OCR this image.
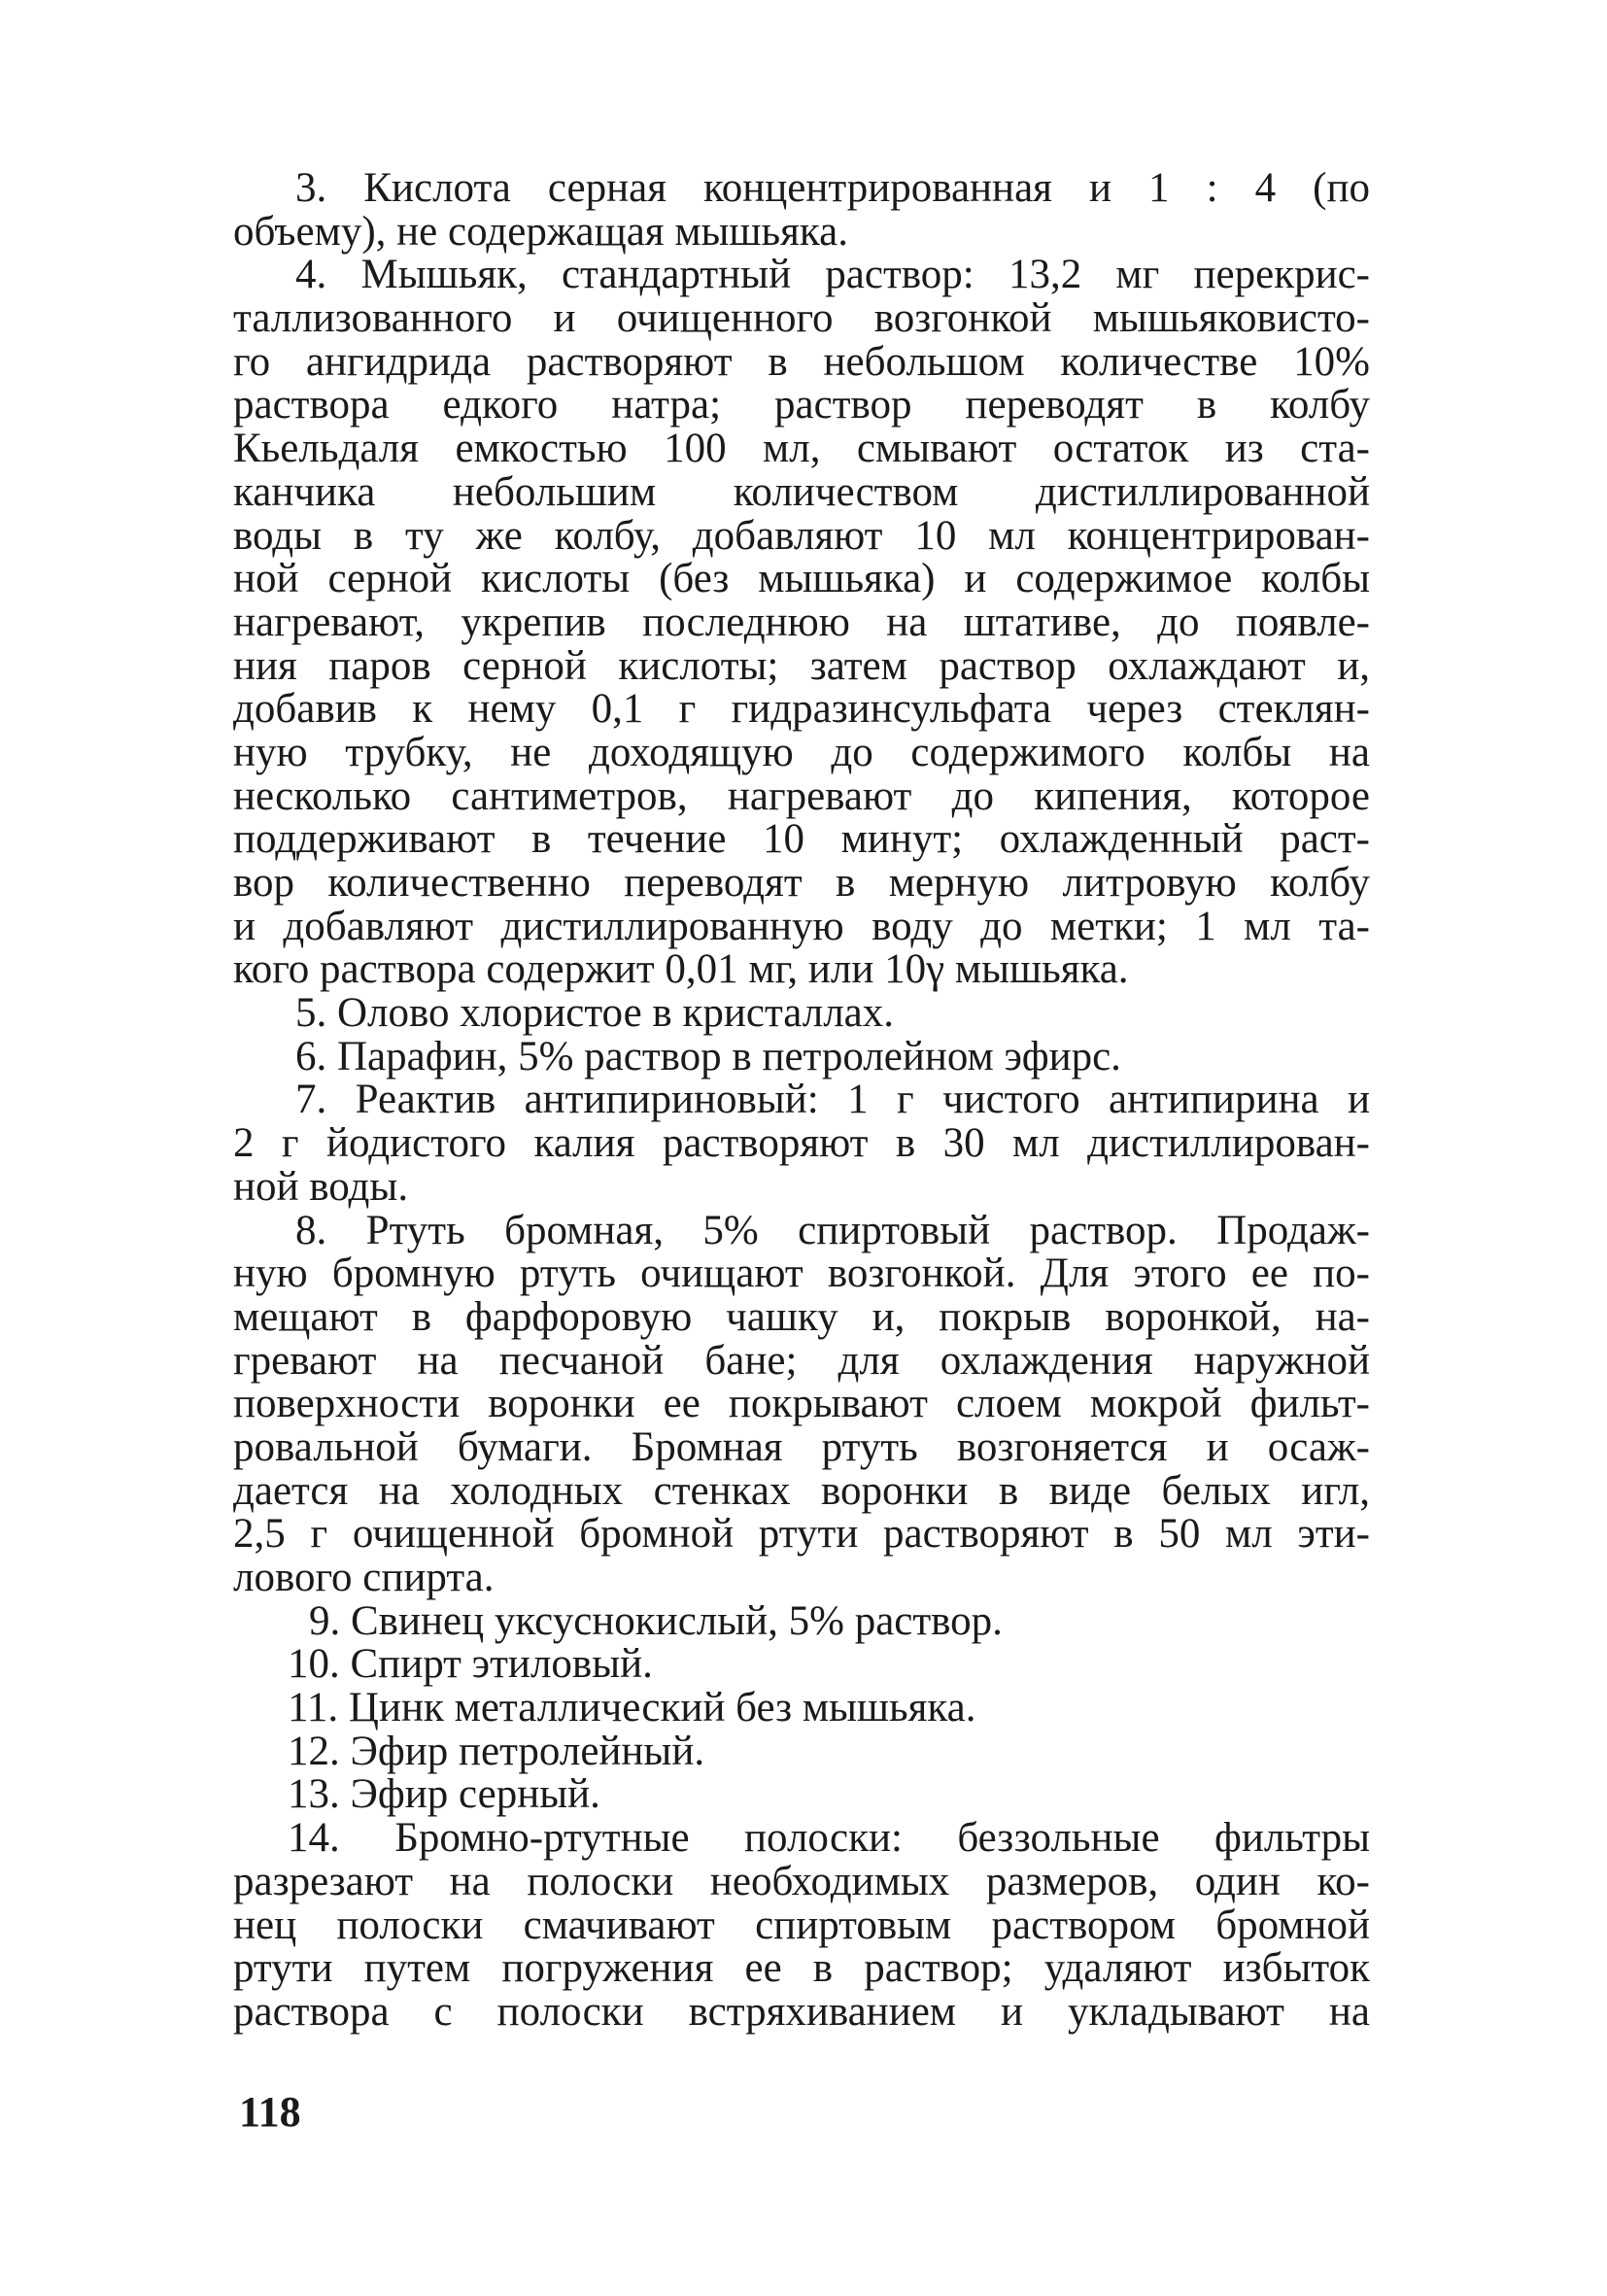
3. Кислота серная концентрированная и 1 : 4 (по
объему), не содержащая мышьяка.
4. Мышьяк, стандартный раствор: 13,2 мг перекрис-
таллизованного и очищенного возгонкой мышьяковисто-
го ангидрида растворяют в небольшом количестве 10%
раствора едкого натра; раствор переводят в колбу
Кьельдаля емкостью 100 мл, смывают остаток из ста-
канчика небольшим количеством дистиллированной
воды в ту же колбу, добавляют 10 мл концентрирован-
ной серной кислоты (без мышьяка) и содержимое колбы
нагревают, укрепив последнюю на штативе, до появле-
ния паров серной кислоты; затем раствор охлаждают и,
добавив к нему 0,1 г гидразинсульфата через стеклян-
ную трубку, не доходящую до содержимого колбы на
несколько сантиметров, нагревают до кипения, которое
поддерживают в течение 10 минут; охлажденный раст-
вор количественно переводят в мерную литровую колбу
и добавляют дистиллированную воду до метки; 1 мл та-
кого раствора содержит 0,01 мг, или 10γ мышьяка.
5. Олово хлористое в кристаллах.
6. Парафин, 5% раствор в петролейном эфирс.
7. Реактив антипириновый: 1 г чистого антипирина и
2 г йодистого калия растворяют в 30 мл дистиллирован-
ной воды.
8. Ртуть бромная, 5% спиртовый раствор. Продаж-
ную бромную ртуть очищают возгонкой. Для этого ее по-
мещают в фарфоровую чашку и, покрыв воронкой, на-
гревают на песчаной бане; для охлаждения наружной
поверхности воронки ее покрывают слоем мокрой фильт-
ровальной бумаги. Бромная ртуть возгоняется и осаж-
дается на холодных стенках воронки в виде белых игл,
2,5 г очищенной бромной ртути растворяют в 50 мл эти-
лового спирта.
9. Свинец уксуснокислый, 5% раствор.
10. Спирт этиловый.
11. Цинк металлический без мышьяка.
12. Эфир петролейный.
13. Эфир серный.
14. Бромно-ртутные полоски: беззольные фильтры
разрезают на полоски необходимых размеров, один ко-
нец полоски смачивают спиртовым раствором бромной
ртути путем погружения ее в раствор; удаляют избыток
раствора с полоски встряхиванием и укладывают на
118
